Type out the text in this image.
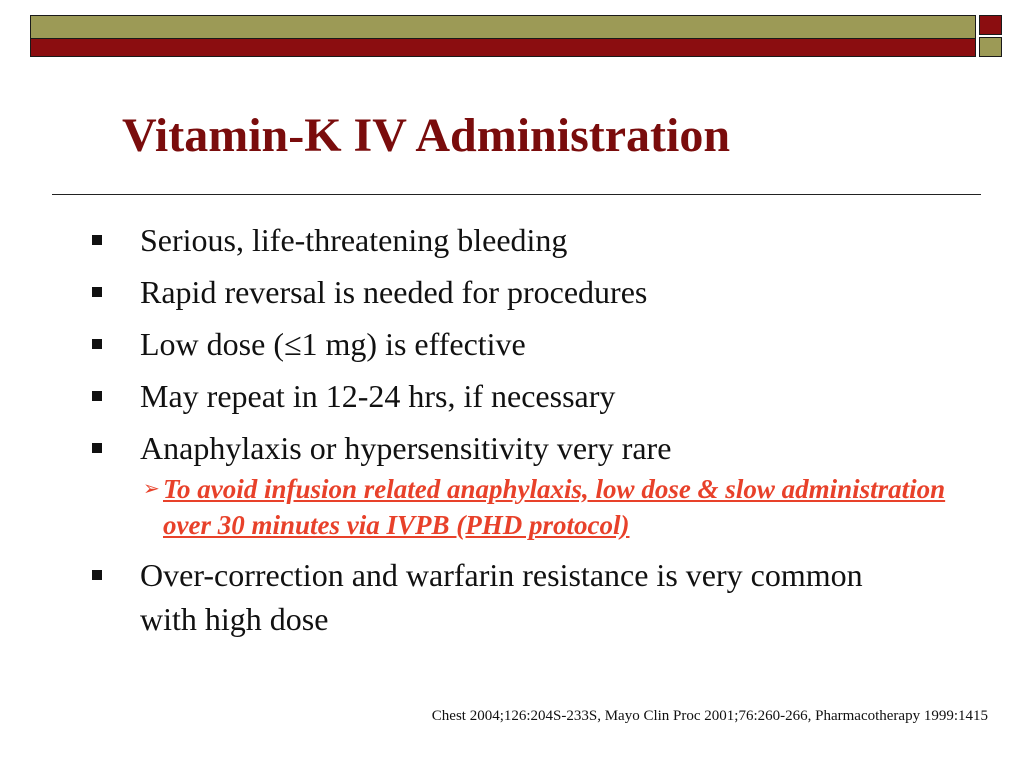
Vitamin-K IV Administration
Serious, life-threatening bleeding
Rapid reversal is needed for procedures
Low dose (≤1 mg) is effective
May repeat in 12-24 hrs, if necessary
Anaphylaxis or hypersensitivity very rare
➢ To avoid infusion related anaphylaxis, low dose & slow administration over 30 minutes via IVPB (PHD protocol)
Over-correction and warfarin resistance is very common with high dose
Chest 2004;126:204S-233S, Mayo Clin Proc 2001;76:260-266, Pharmacotherapy 1999:1415
